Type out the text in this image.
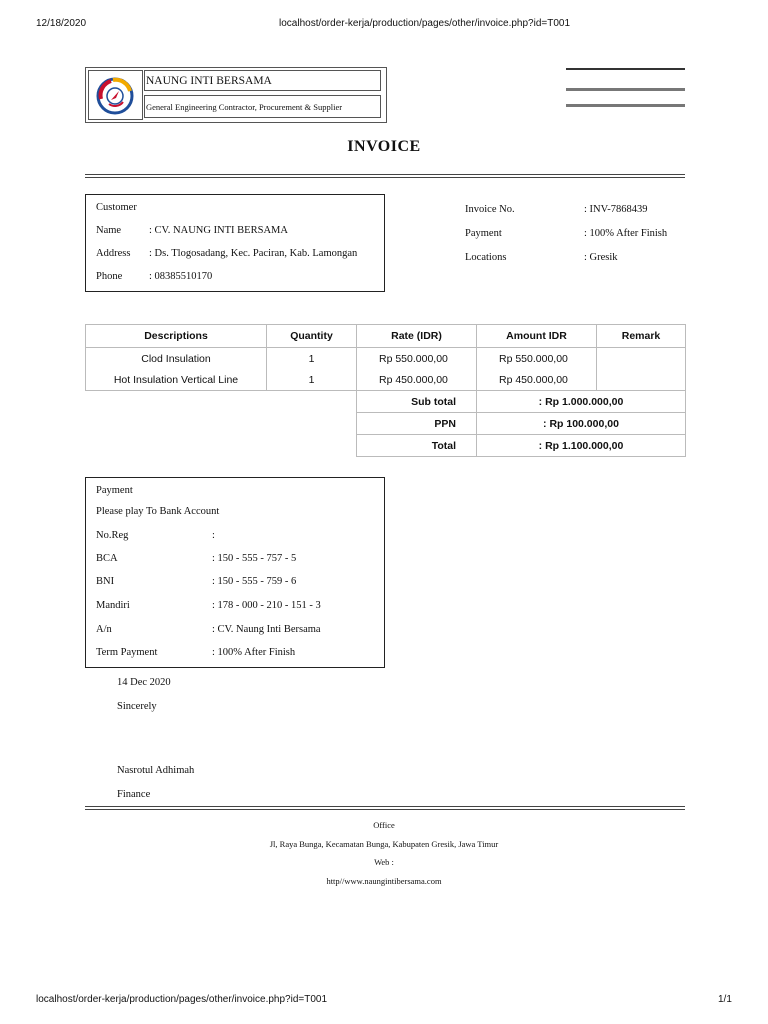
12/18/2020	localhost/order-kerja/production/pages/other/invoice.php?id=T001
NAUNG INTI BERSAMA
General Engineering Contractor, Procurement & Supplier
INVOICE
Customer
Name	: CV. NAUNG INTI BERSAMA
Address : Ds. Tlogosadang, Kec. Paciran, Kab. Lamongan
Phone	: 08385510170
Invoice No.	: INV-7868439
Payment	: 100% After Finish
Locations	: Gresik
Descriptions	Quantity	Rate (IDR)	Amount IDR	Remark
Clod Insulation	1	Rp 550.000,00	Rp 550.000,00	
Hot Insulation Vertical Line	1	Rp 450.000,00	Rp 450.000,00	
		Sub total	: Rp 1.000.000,00	
		PPN	: Rp 100.000,00	
		Total	: Rp 1.100.000,00	
Payment
Please play To Bank Account
No.Reg	:
BCA	: 150 - 555 - 757 - 5
BNI	: 150 - 555 - 759 - 6
Mandiri	: 178 - 000 - 210 - 151 - 3
A/n	: CV. Naung Inti Bersama
Term Payment	: 100% After Finish
14 Dec 2020
Sincerely
Nasrotul Adhimah
Finance
Office
Jl, Raya Bunga, Kecamatan Bunga, Kabupaten Gresik, Jawa Timur
Web :
http//www.naungintibersama.com
localhost/order-kerja/production/pages/other/invoice.php?id=T001	1/1
